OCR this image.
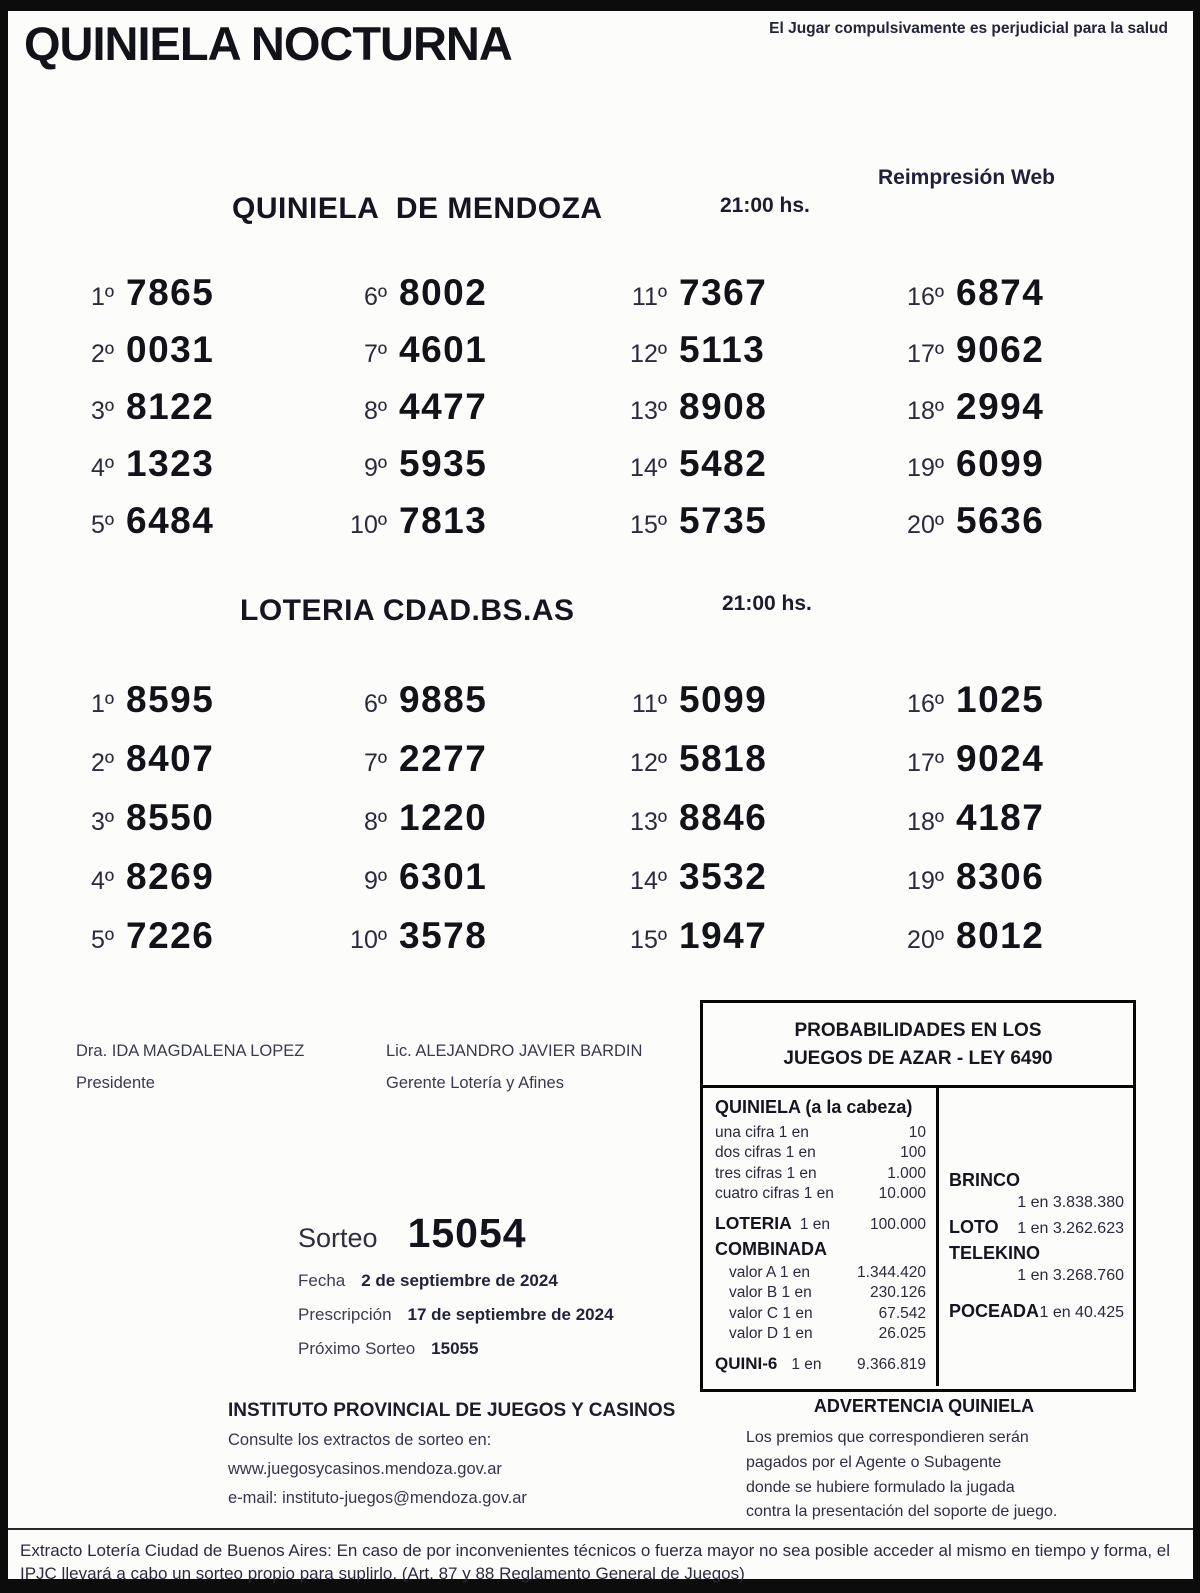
QUINIELA NOCTURNA	El Jugar compulsivamente es perjudicial para la salud
Reimpresión Web
QUINIELA  DE MENDOZA	21:00 hs.
1º 7865
2º 0031
3º 8122
4º 1323
5º 6484
6º 8002
7º 4601
8º 4477
9º 5935
10º 7813
11º 7367
12º 5113
13º 8908
14º 5482
15º 5735
16º 6874
17º 9062
18º 2994
19º 6099
20º 5636
LOTERIA CDAD.BS.AS	21:00 hs.
1º 8595
2º 8407
3º 8550
4º 8269
5º 7226
6º 9885
7º 2277
8º 1220
9º 6301
10º 3578
11º 5099
12º 5818
13º 8846
14º 3532
15º 1947
16º 1025
17º 9024
18º 4187
19º 8306
20º 8012
Dra. IDA MAGDALENA LOPEZ
Presidente
Lic. ALEJANDRO JAVIER BARDIN
Gerente Lotería y Afines
Sorteo 15054
Fecha 2 de septiembre de 2024
Prescripción 17 de septiembre de 2024
Próximo Sorteo 15055
PROBABILIDADES EN LOS
JUEGOS DE AZAR - LEY 6490
QUINIELA (a la cabeza)
una cifra 1 en	10
dos cifras 1 en	100
tres cifras 1 en	1.000
cuatro cifras 1 en	10.000
LOTERIA 1 en	100.000
COMBINADA
valor A 1 en	1.344.420
valor B 1 en	230.126
valor C 1 en	67.542
valor D 1 en	26.025
QUINI-6 1 en 9.366.819
BRINCO
1 en 3.838.380
LOTO 1 en 3.262.623
TELEKINO
1 en 3.268.760
POCEADA 1 en 40.425
ADVERTENCIA QUINIELA
Los premios que correspondieren serán
pagados por el Agente o Subagente
donde se hubiere formulado la jugada
contra la presentación del soporte de juego.
INSTITUTO PROVINCIAL DE JUEGOS Y CASINOS
Consulte los extractos de sorteo en:
www.juegosycasinos.mendoza.gov.ar
e-mail: instituto-juegos@mendoza.gov.ar
Extracto Lotería Ciudad de Buenos Aires: En caso de por inconvenientes técnicos o fuerza mayor no sea posible acceder al mismo en tiempo y forma, el IPJC llevará a cabo un sorteo propio para suplirlo. (Art. 87 y 88 Reglamento General de Juegos)
